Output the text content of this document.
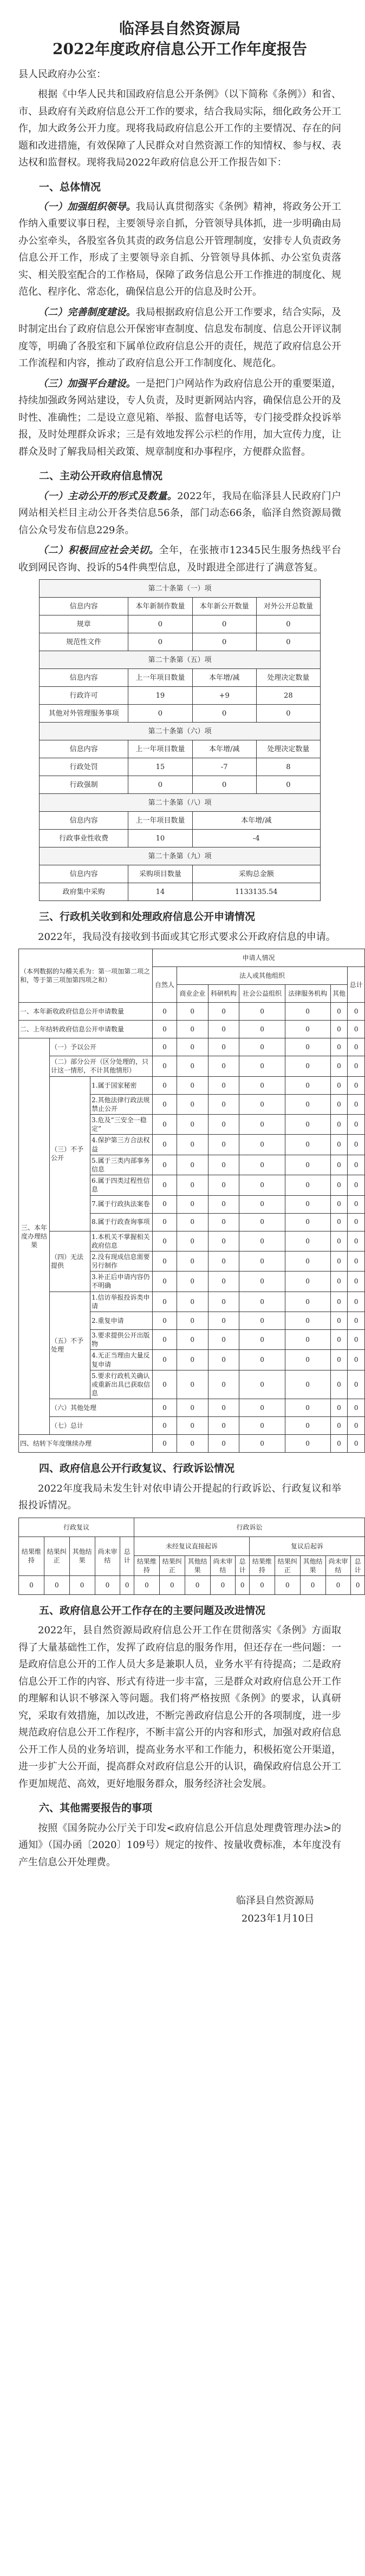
临泽县自然资源局
2022年度政府信息公开工作年度报告

县人民政府办公室：

根据《中华人民共和国政府信息公开条例》（以下简称《条例》）和省、市、县政府有关政府信息公开工作的要求，结合我局实际，细化政务公开工作，加大政务公开力度。现将我局政府信息公开工作的主要情况、存在的问题和改进措施，有效保障了人民群众对自然资源工作的知情权、参与权、表达权和监督权。现将我局2022年政府信息公开工作报告如下：

一、总体情况

（一）加强组织领导。我局认真贯彻落实《条例》精神，将政务公开工作纳入重要议事日程，主要领导亲自抓，分管领导具体抓，进一步明确由局办公室牵头，各股室各负其责的政务信息公开管理制度，安排专人负责政务信息公开工作，形成了主要领导亲自抓、分管领导具体抓、办公室负责落实、相关股室配合的工作格局，保障了政务信息公开工作推进的制度化、规范化、程序化、常态化，确保信息公开的信息及时公开。

（二）完善制度建设。我局根据政府信息公开工作要求，结合实际，及时制定出台了政府信息公开保密审查制度、信息发布制度、信息公开评议制度等，明确了各股室和下属单位政府信息公开的责任，规范了政府信息公开工作流程和内容，推动了政府信息公开工作制度化、规范化。

（三）加强平台建设。一是把门户网站作为政府信息公开的重要渠道，持续加强政务网站建设，专人负责，及时更新网站内容，确保信息公开的及时性、准确性；二是设立意见箱、举报、监督电话等，专门接受群众投诉举报，及时处理群众诉求；三是有效地发挥公示栏的作用，加大宣传力度，让群众及时了解我局相关政策、规章制度和办事程序，方便群众监督。

二、主动公开政府信息情况

（一）主动公开的形式及数量。2022年，我局在临泽县人民政府门户网站相关栏目主动公开各类信息56条，部门动态66条，临泽自然资源局微信公众号发布信息229条。

（二）积极回应社会关切。全年，在张掖市12345民生服务热线平台收到网民咨询、投诉的54件典型信息，及时跟进全部进行了满意答复。

第二十条第（一）项			
信息内容	本年新制作数量	本年新公开数量	对外公开总数量
规章	0	0	0
规范性文件	0	0	0
第二十条第（五）项			
信息内容	上一年项目数量	本年增/减	处理决定数量
行政许可	19	+9	28
其他对外管理服务事项	0	0	0
第二十条第（六）项			
信息内容	上一年项目数量	本年增/减	处理决定数量
行政处罚	15	-7	8
行政强制	0	0	0
第二十条第（八）项			
信息内容	上一年项目数量	本年增/减	
行政事业性收费	10	-4	
第二十条第（九）项			
信息内容	采购项目数量	采购总金额	
政府集中采购	14	1133135.54	
三、行政机关收到和处理政府信息公开申请情况

2022年，我局没有接收到书面或其它形式要求公开政府信息的申请。

（本列数据的勾稽关系为：第一项加第二项之和，等于第三项加第四项之和）			申请人情况						
			自然人	法人或其他组织					总计
				商业企业	科研机构	社会公益组织	法律服务机构	其他	
一、本年新收政府信息公开申请数量			0	0	0	0	0	0	0
二、上年结转政府信息公开申请数量			0	0	0	0	0	0	0
三、本年度办理结果	（一）予以公开		0	0	0	0	0	0	0
	（二）部分公开（区分处理的，只计这一情形，不计其他情形）		0	0	0	0	0	0	0
	（三）不予公开	1.属于国家秘密	0	0	0	0	0	0	0
		2.其他法律行政法规禁止公开	0	0	0	0	0	0	0
		3.危及“三安全一稳定”	0	0	0	0	0	0	0
		4.保护第三方合法权益	0	0	0	0	0	0	0
		5.属于三类内部事务信息	0	0	0	0	0	0	0
		6.属于四类过程性信息	0	0	0	0	0	0	0
		7.属于行政执法案卷	0	0	0	0	0	0	0
		8.属于行政查询事项	0	0	0	0	0	0	0
	（四）无法提供	1.本机关不掌握相关政府信息	0	0	0	0	0	0	0
		2.没有现成信息需要另行制作	0	0	0	0	0	0	0
		3.补正后申请内容仍不明确	0	0	0	0	0	0	0
	（五）不予处理	1.信访举报投诉类申请	0	0	0	0	0	0	0
		2.重复申请	0	0	0	0	0	0	0
		3.要求提供公开出版物	0	0	0	0	0	0	0
		4.无正当理由大量反复申请	0	0	0	0	0	0	0
		5.要求行政机关确认或重新出具已获取信息	0	0	0	0	0	0	0
	（六）其他处理		0	0	0	0	0	0	0
	（七）总计		0	0	0	0	0	0	0
四、结转下年度继续办理			0	0	0	0	0	0	0
四、政府信息公开行政复议、行政诉讼情况

2022年度我局未发生针对依申请公开提起的行政诉讼、行政复议和举报投诉情况。

行政复议					行政诉讼									
结果维持	结果纠正	其他结果	尚未审结	总计	未经复议直接起诉					复议后起诉				
					结果维持	结果纠正	其他结果	尚未审结	总计	结果维持	结果纠正	其他结果	尚未审结	总计
0	0	0	0	0	0	0	0	0	0	0	0	0	0	0
五、政府信息公开工作存在的主要问题及改进情况

2022年，县自然资源局政府信息公开工作在贯彻落实《条例》方面取得了大量基础性工作，发挥了政府信息的服务作用，但还存在一些问题：一是政府信息公开的工作人员大多是兼职人员，业务水平有待提高；二是政府信息公开工作的内容、形式有待进一步丰富，三是群众对政府信息公开工作的理解和认识不够深入等问题。我们将严格按照《条例》的要求，认真研究，采取有效措施，加以改进，不断完善政府信息公开的各项制度，进一步规范政府信息公开工作程序，不断丰富公开的内容和形式，加强对政府信息公开工作人员的业务培训，提高业务水平和工作能力，积极拓宽公开渠道，进一步扩大公开面，提高群众对政府信息公开的认识，确保政府信息公开工作更加规范、高效，更好地服务群众，服务经济社会发展。

六、其他需要报告的事项

按照《国务院办公厅关于印发<政府信息公开信息处理费管理办法>的通知》（国办函〔2020〕109号）规定的按件、按量收费标准，本年度没有产生信息公开处理费。

临泽县自然资源局
2023年1月10日
